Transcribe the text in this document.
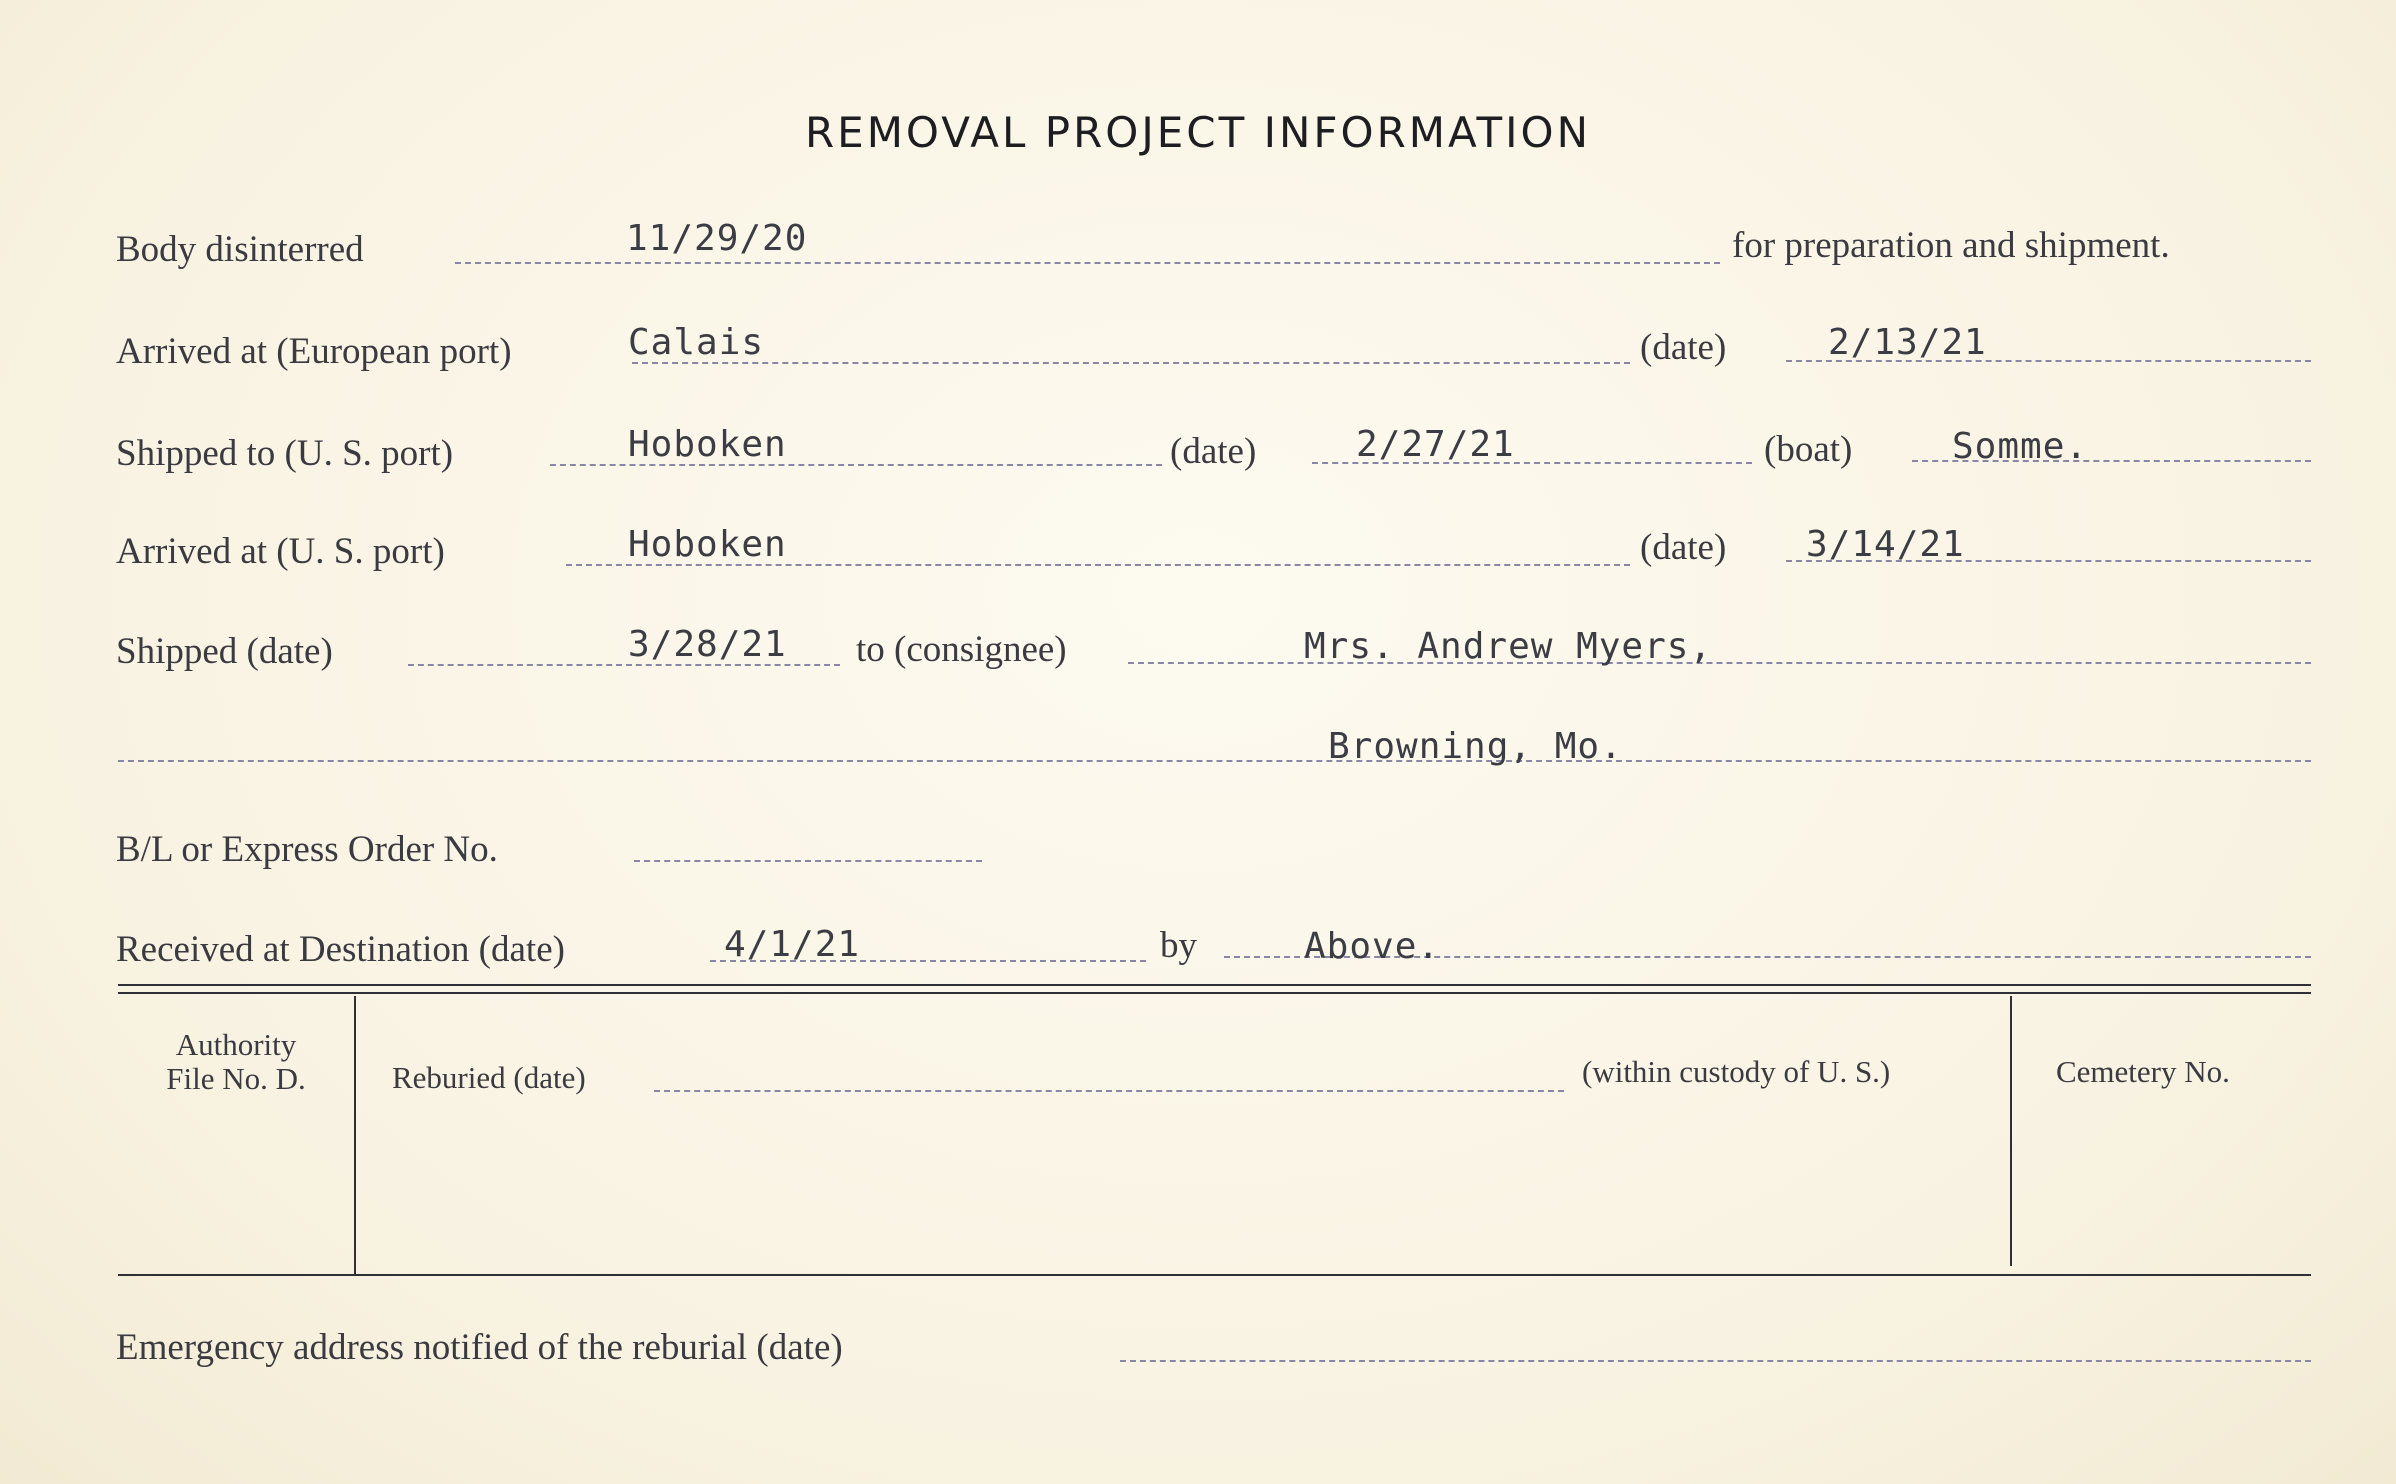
REMOVAL PROJECT INFORMATION
Body disinterred	11/29/20	for preparation and shipment.
Arrived at (European port)	Calais	(date)	2/13/21
Shipped to (U. S. port)	Hoboken	(date)	2/27/21	(boat)	Somme.
Arrived at (U. S. port)	Hoboken	(date) 3/14/21
Shipped (date)	3/28/21 to (consignee)	Mrs. Andrew Myers,
Browning, Mo.
B/L or Express Order No.
Received at Destination (date)	4/1/21	by	Above.
Authority
File No. D.	Reburied (date)	(within custody of U. S.)	Cemetery No.
Emergency address notified of the reburial (date)
